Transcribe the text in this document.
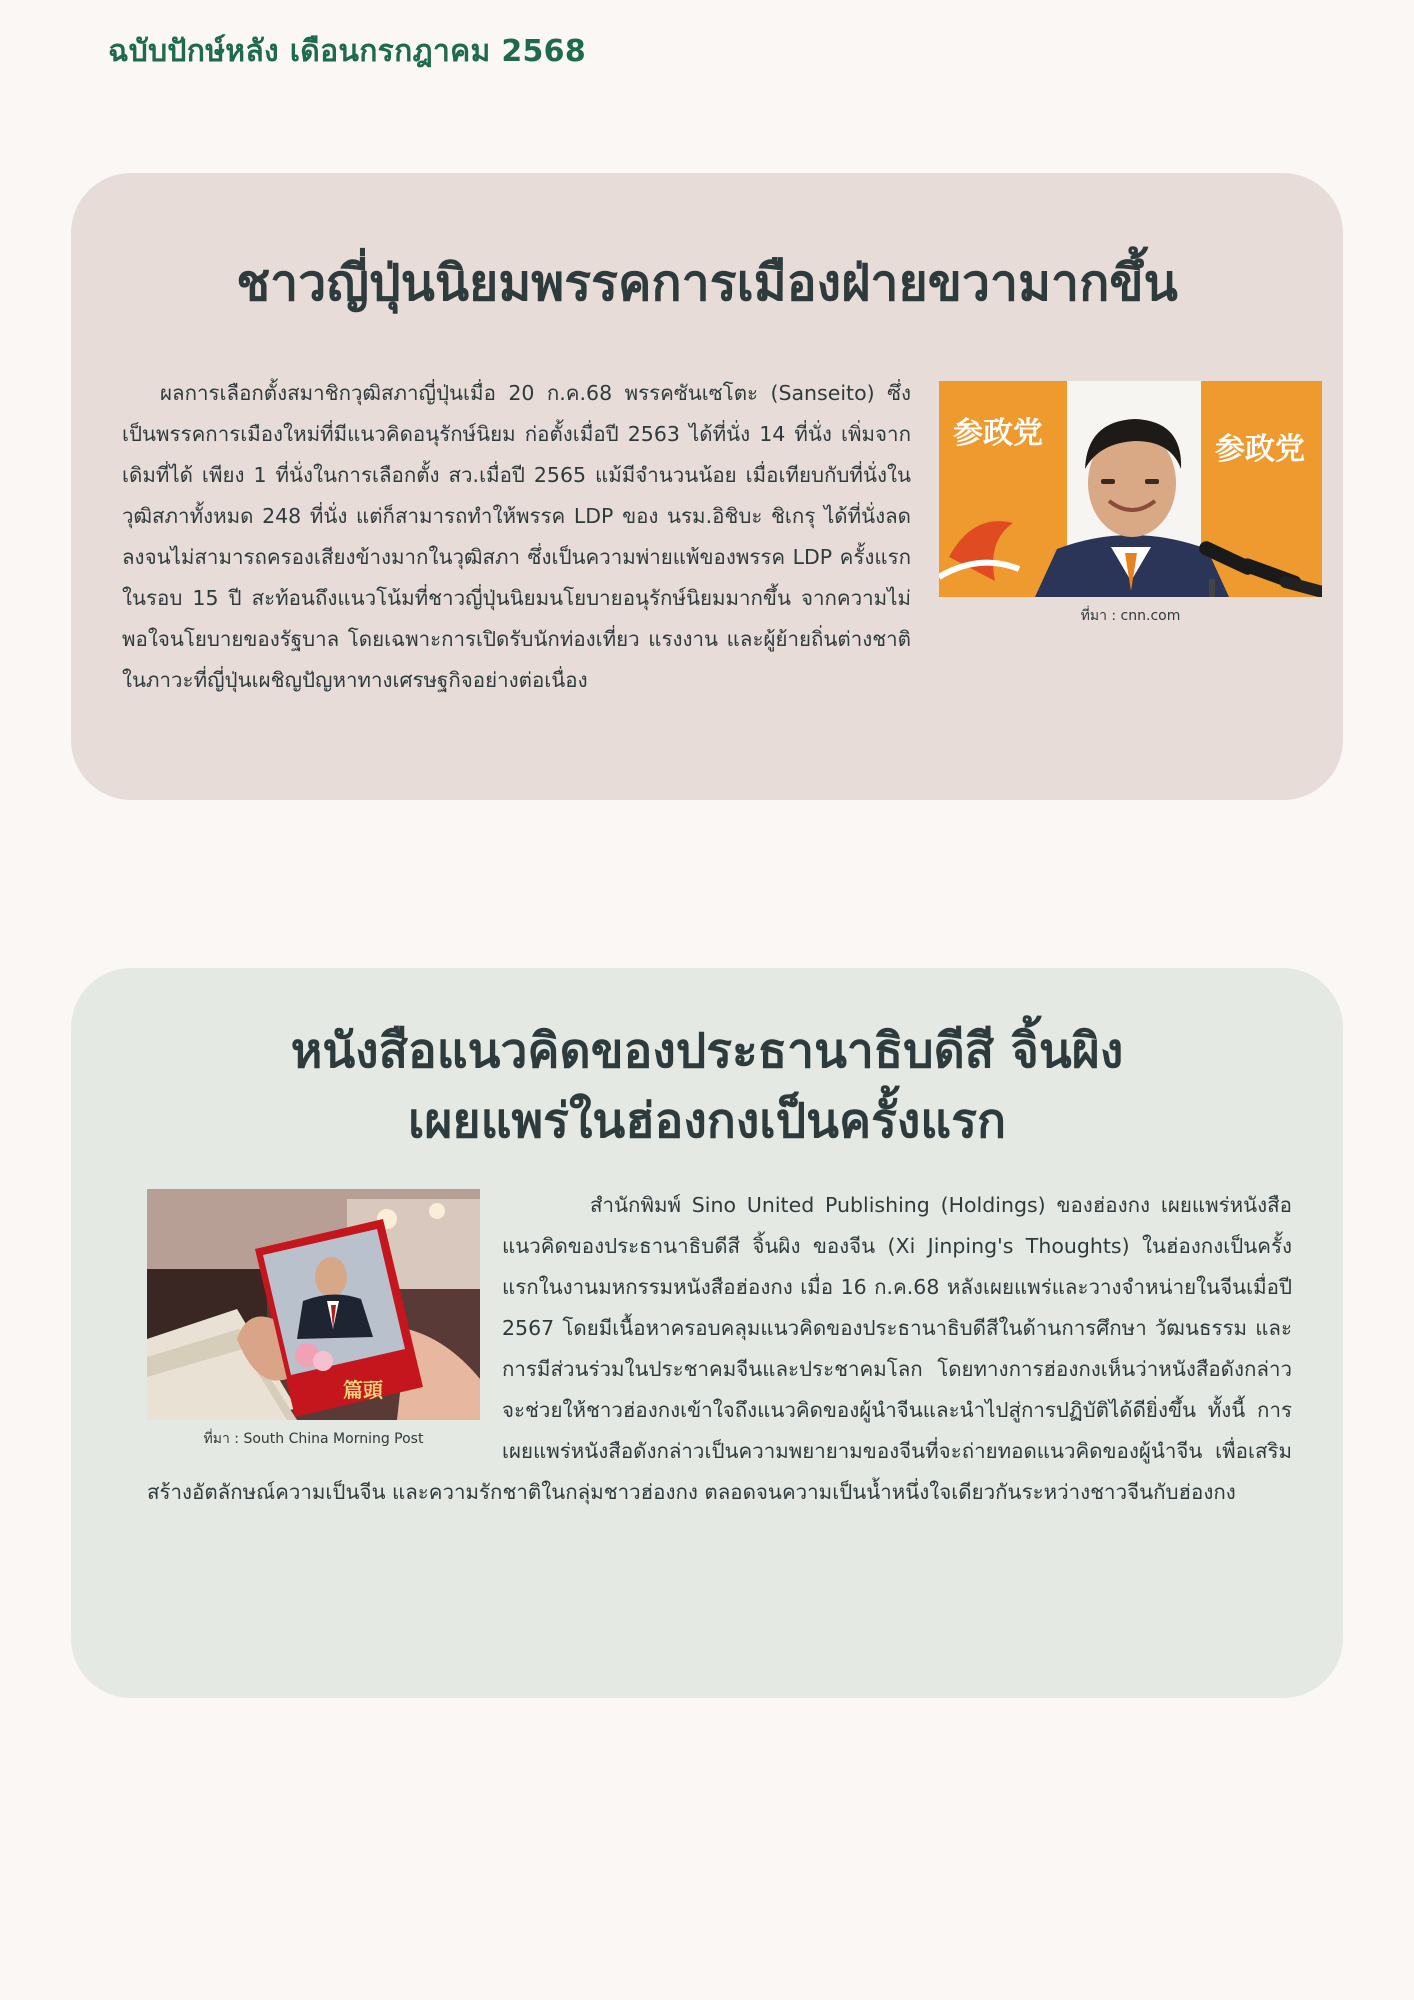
ฉบับปักษ์หลัง เดือนกรกฎาคม 2568
ชาวญี่ปุ่นนิยมพรรคการเมืองฝ่ายขวามากขึ้น
参政党	参政党
ที่มา : cnn.com
ผลการเลือกตั้งสมาชิกวุฒิสภาญี่ปุ่นเมื่อ 20 ก.ค.68 พรรคซันเซโตะ (Sanseito) ซึ่งเป็นพรรคการเมืองใหม่ที่มีแนวคิดอนุรักษ์นิยม ก่อตั้งเมื่อปี 2563 ได้ที่นั่ง 14 ที่นั่ง เพิ่มจากเดิมที่ได้ เพียง 1 ที่นั่งในการเลือกตั้ง สว.เมื่อปี 2565 แม้มีจำนวนน้อย เมื่อเทียบกับที่นั่งในวุฒิสภาทั้งหมด 248 ที่นั่ง แต่ก็สามารถทำให้พรรค LDP ของ นรม.อิชิบะ ชิเกรุ ได้ที่นั่งลดลงจนไม่สามารถครองเสียงข้างมากในวุฒิสภา ซึ่งเป็นความพ่ายแพ้ของพรรค LDP ครั้งแรกในรอบ 15 ปี สะท้อนถึงแนวโน้มที่ชาวญี่ปุ่นนิยมนโยบายอนุรักษ์นิยมมากขึ้น จากความไม่พอใจนโยบายของรัฐบาล โดยเฉพาะการเปิดรับนักท่องเที่ยว แรงงาน และผู้ย้ายถิ่นต่างชาติ ในภาวะที่ญี่ปุ่นเผชิญปัญหาทางเศรษฐกิจอย่างต่อเนื่อง
หนังสือแนวคิดของประธานาธิบดีสี จิ้นผิง
เผยแพร่ในฮ่องกงเป็นครั้งแรก
篇頭
ที่มา : South China Morning Post
สำนักพิมพ์ Sino United Publishing (Holdings) ของฮ่องกง เผยแพร่หนังสือแนวคิดของประธานาธิบดีสี จิ้นผิง ของจีน (Xi Jinping's Thoughts) ในฮ่องกงเป็นครั้งแรกในงานมหกรรมหนังสือฮ่องกง เมื่อ 16 ก.ค.68 หลังเผยแพร่และวางจำหน่ายในจีนเมื่อปี 2567 โดยมีเนื้อหาครอบคลุมแนวคิดของประธานาธิบดีสีในด้านการศึกษา วัฒนธรรม และการมีส่วนร่วมในประชาคมจีนและประชาคมโลก โดยทางการฮ่องกงเห็นว่าหนังสือดังกล่าวจะช่วยให้ชาวฮ่องกงเข้าใจถึงแนวคิดของผู้นำจีนและนำไปสู่การปฏิบัติได้ดียิ่งขึ้น ทั้งนี้ การเผยแพร่หนังสือดังกล่าวเป็นความพยายามของจีนที่จะถ่ายทอดแนวคิดของผู้นำจีน เพื่อเสริมสร้างอัตลักษณ์ความเป็นจีน และความรักชาติในกลุ่มชาวฮ่องกง ตลอดจนความเป็นน้ำหนึ่งใจเดียวกันระหว่างชาวจีนกับฮ่องกง
